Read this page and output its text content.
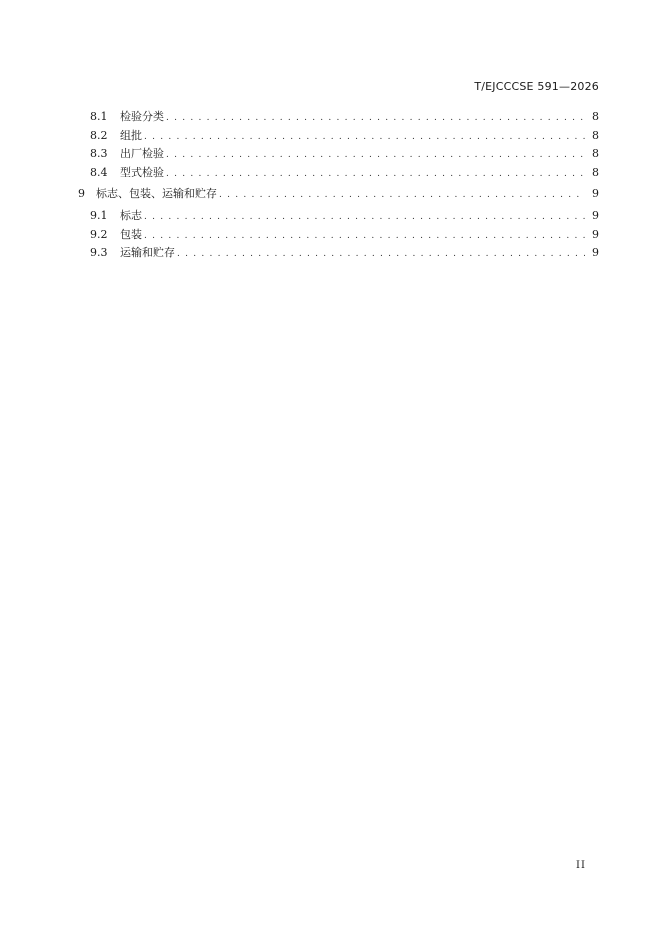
T/EJCCCSE 591—2026
8.1	检验分类 . . .	8
8.2	组批 . . .	8
8.3	出厂检验 . . .	8
8.4	型式检验 . . .	8
9	标志、包装、运输和贮存 . . .	9
9.1	标志 . . .	9
9.2	包装 . . .	9
9.3	运输和贮存 . . .	9
II
